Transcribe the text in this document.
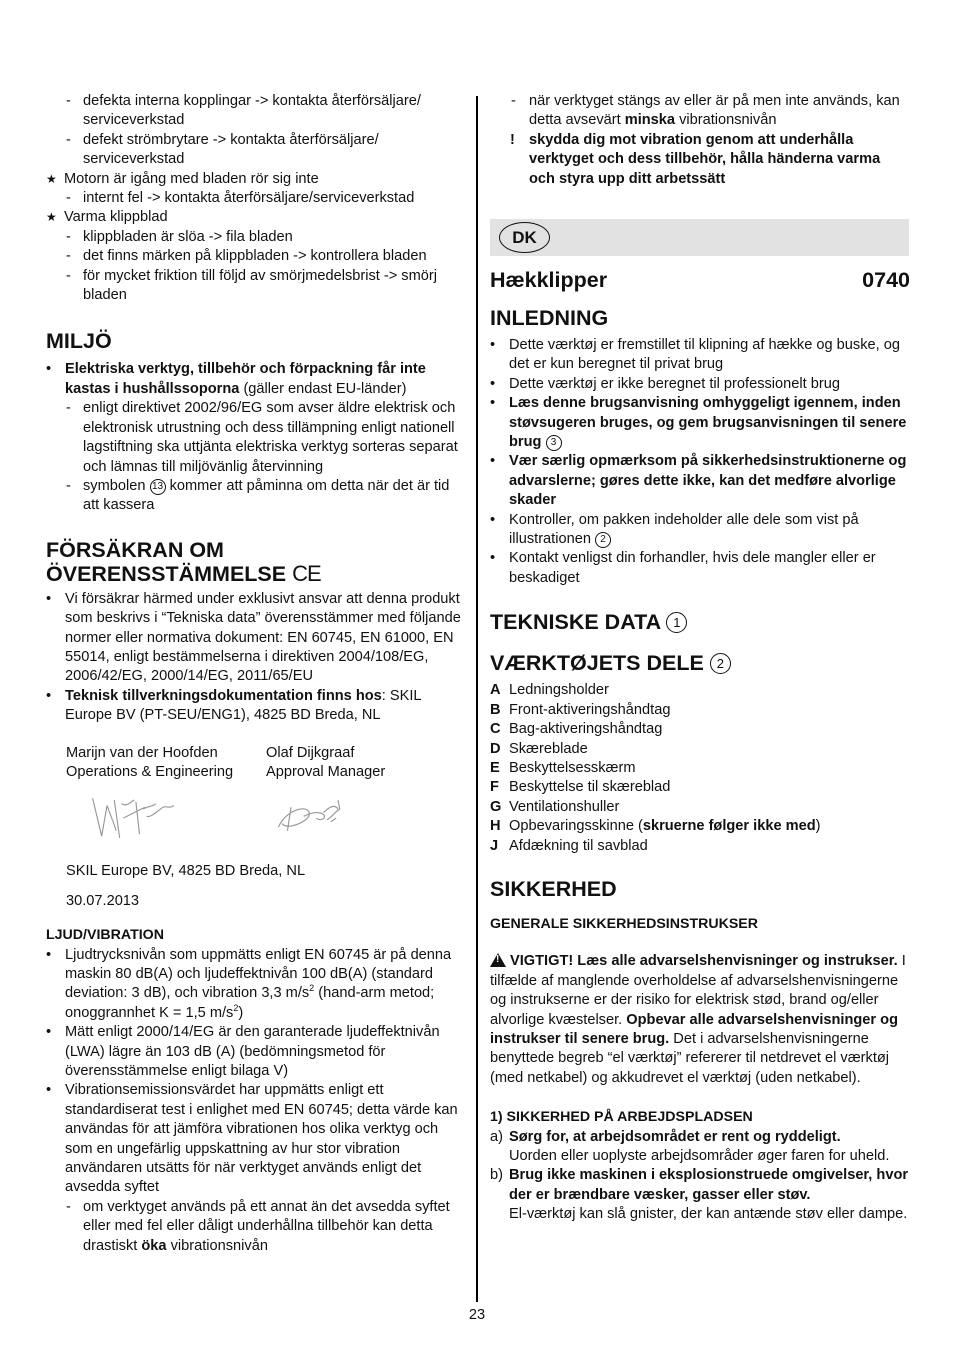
- defekta interna kopplingar -> kontakta återförsäljare/ serviceverkstad
- defekt strömbrytare -> kontakta återförsäljare/ serviceverkstad
★ Motorn är igång med bladen rör sig inte
- internt fel -> kontakta återförsäljare/serviceverkstad
★ Varma klippblad
- klippbladen är slöa -> fila bladen
- det finns märken på klippbladen -> kontrollera bladen
- för mycket friktion till följd av smörjmedelsbrist -> smörj bladen
MILJÖ
• Elektriska verktyg, tillbehör och förpackning får inte kastas i hushållssoporna (gäller endast EU-länder)
- enligt direktivet 2002/96/EG som avser äldre elektrisk och elektronisk utrustning och dess tillämpning enligt nationell lagstiftning ska uttjänta elektriska verktyg sorteras separat och lämnas till miljövänlig återvinning
- symbolen 13 kommer att påminna om detta när det är tid att kassera
FÖRSÄKRAN OM
ÖVERENSSTÄMMELSE CE
• Vi försäkrar härmed under exklusivt ansvar att denna produkt som beskrivs i “Tekniska data” överensstämmer med följande normer eller normativa dokument: EN 60745, EN 61000, EN 55014, enligt bestämmelserna i direktiven 2004/108/EG, 2006/42/EG, 2000/14/EG, 2011/65/EU
• Teknisk tillverkningsdokumentation finns hos: SKIL Europe BV (PT-SEU/ENG1), 4825 BD Breda, NL
Marijn van der Hoofden
Operations & Engineering
Olaf Dijkgraaf
Approval Manager
SKIL Europe BV, 4825 BD Breda, NL
30.07.2013
LJUD/VIBRATION
• Ljudtrycksnivån som uppmätts enligt EN 60745 är på denna maskin 80 dB(A) och ljudeffektnivån 100 dB(A) (standard deviation: 3 dB), och vibration 3,3 $m/s^2$ (hand-arm metod; onoggrannhet K = 1,5 $m/s^2$)
• Mätt enligt 2000/14/EG är den garanterade ljudeffektnivån (LWA) lägre än 103 dB (A) (bedömningsmetod för överensstämmelse enligt bilaga V)
• Vibrationsemissionsvärdet har uppmätts enligt ett standardiserat test i enlighet med EN 60745; detta värde kan användas för att jämföra vibrationen hos olika verktyg och som en ungefärlig uppskattning av hur stor vibration användaren utsätts för när verktyget används enligt det avsedda syftet
- om verktyget används på ett annat än det avsedda syftet eller med fel eller dåligt underhållna tillbehör kan detta drastiskt öka vibrationsnivån
- när verktyget stängs av eller är på men inte används, kan detta avsevärt minska vibrationsnivån
! skydda dig mot vibration genom att underhålla verktyget och dess tillbehör, hålla händerna varma och styra upp ditt arbetssätt
DK
Hækklipper	0740
INLEDNING
• Dette værktøj er fremstillet til klipning af hække og buske, og det er kun beregnet til privat brug
• Dette værktøj er ikke beregnet til professionelt brug
• Læs denne brugsanvisning omhyggeligt igennem, inden støvsugeren bruges, og gem brugsanvisningen til senere brug 3
• Vær særlig opmærksom på sikkerhedsinstruktionerne og advarslerne; gøres dette ikke, kan det medføre alvorlige skader
• Kontroller, om pakken indeholder alle dele som vist på illustrationen 2
• Kontakt venligst din forhandler, hvis dele mangler eller er beskadiget
TEKNISKE DATA 1
VÆRKTØJETS DELE 2
A Ledningsholder
B Front-aktiveringshåndtag
C Bag-aktiveringshåndtag
D Skæreblade
E Beskyttelsesskærm
F Beskyttelse til skæreblad
G Ventilationshuller
H Opbevaringsskinne (skruerne følger ikke med)
J Afdækning til savblad
SIKKERHED
GENERALE SIKKERHEDSINSTRUKSER
!VIGTIGT! Læs alle advarselshenvisninger og instrukser. I tilfælde af manglende overholdelse af advarselshenvisningerne og instrukserne er der risiko for elektrisk stød, brand og/eller alvorlige kvæstelser. Opbevar alle advarselshenvisninger og instrukser til senere brug. Det i advarselshenvisningerne benyttede begreb “el værktøj” refererer til netdrevet el værktøj (med netkabel) og akkudrevet el værktøj (uden netkabel).
1) SIKKERHED PÅ ARBEJDSPLADSEN
a) Sørg for, at arbejdsområdet er rent og ryddeligt.
Uorden eller uoplyste arbejdsområder øger faren for uheld.
b) Brug ikke maskinen i eksplosionstruede omgivelser, hvor der er brændbare væsker, gasser eller støv.
El-værktøj kan slå gnister, der kan antænde støv eller dampe.
23
